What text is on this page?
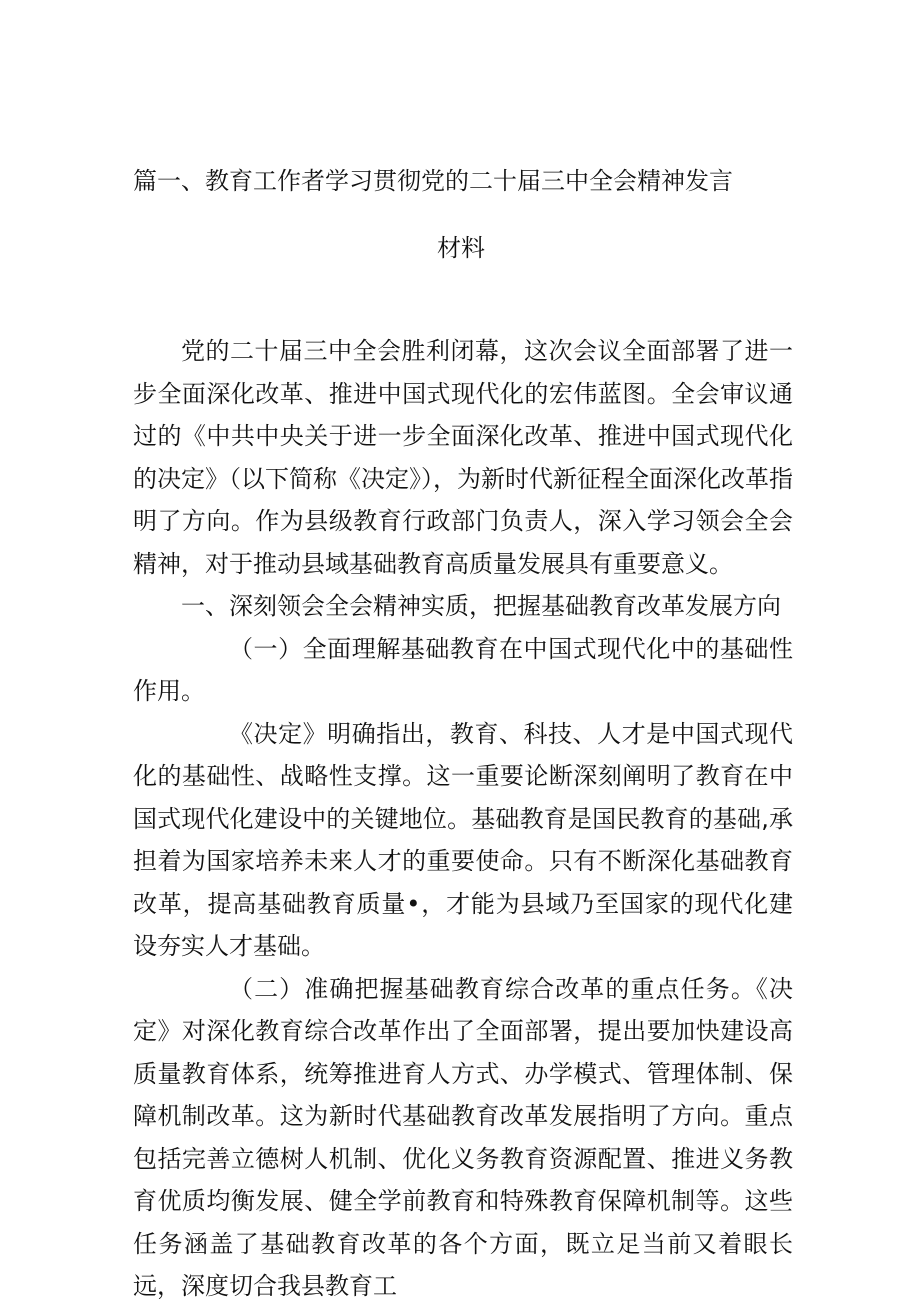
篇一、教育工作者学习贯彻党的二十届三中全会精神发言
材料

党的二十届三中全会胜利闭幕，这次会议全面部署了进一步全面深化改革、推进中国式现代化的宏伟蓝图。全会审议通过的《中共中央关于进一步全面深化改革、推进中国式现代化的决定》（以下简称《决定》），为新时代新征程全面深化改革指明了方向。作为县级教育行政部门负责人，深入学习领会全会精神，对于推动县域基础教育高质量发展具有重要意义。

一、深刻领会全会精神实质，把握基础教育改革发展方向

（一）全面理解基础教育在中国式现代化中的基础性作用。

《决定》明确指出，教育、科技、人才是中国式现代化的基础性、战略性支撑。这一重要论断深刻阐明了教育在中国式现代化建设中的关键地位。基础教育是国民教育的基础,承担着为国家培养未来人才的重要使命。只有不断深化基础教育改革，提高基础教育质量•，才能为县域乃至国家的现代化建设夯实人才基础。

（二）准确把握基础教育综合改革的重点任务。《决定》对深化教育综合改革作出了全面部署，提出要加快建设高质量教育体系，统筹推进育人方式、办学模式、管理体制、保障机制改革。这为新时代基础教育改革发展指明了方向。重点包括完善立德树人机制、优化义务教育资源配置、推进义务教育优质均衡发展、健全学前教育和特殊教育保障机制等。这些任务涵盖了基础教育改革的各个方面，既立足当前又着眼长远，深度切合我县教育工
